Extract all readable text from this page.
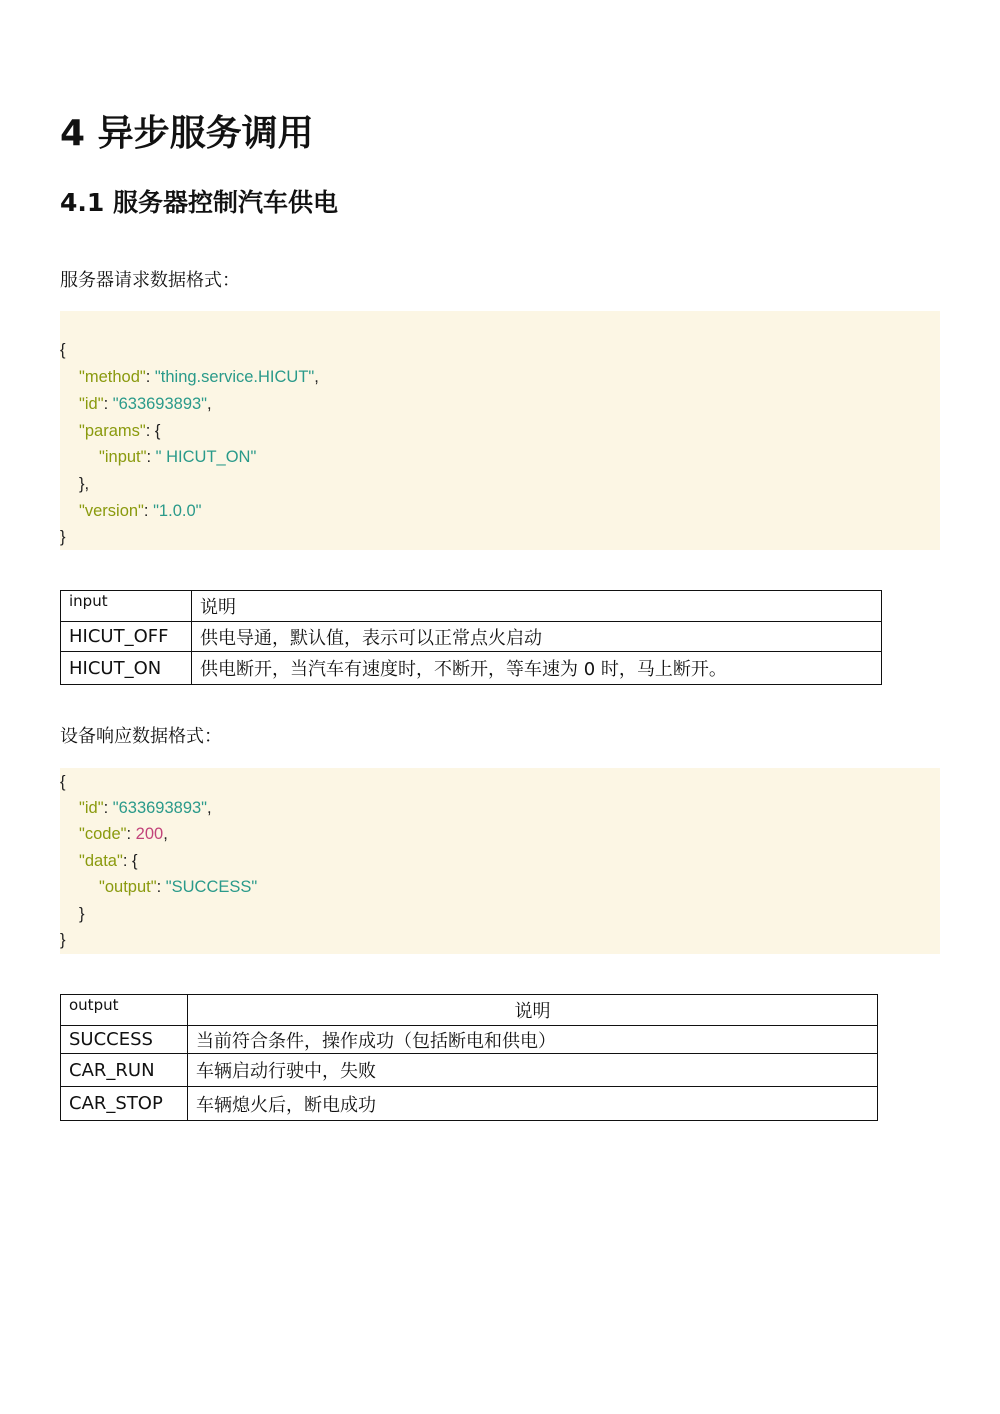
4 异步服务调用
4.1 服务器控制汽车供电
服务器请求数据格式：
{
"method": "thing.service.HICUT",
"id": "633693893",
"params": {
"input": " HICUT_ON"
},
"version": "1.0.0"
}
input	说明
HICUT_OFF	供电导通，默认值，表示可以正常点火启动
HICUT_ON	供电断开，当汽车有速度时，不断开，等车速为 0 时，马上断开。
设备响应数据格式：
{
"id": "633693893",
"code": 200,
"data": {
"output": "SUCCESS"
}
}
output	说明
SUCCESS	当前符合条件，操作成功（包括断电和供电）
CAR_RUN	车辆启动行驶中，失败
CAR_STOP	车辆熄火后，断电成功
